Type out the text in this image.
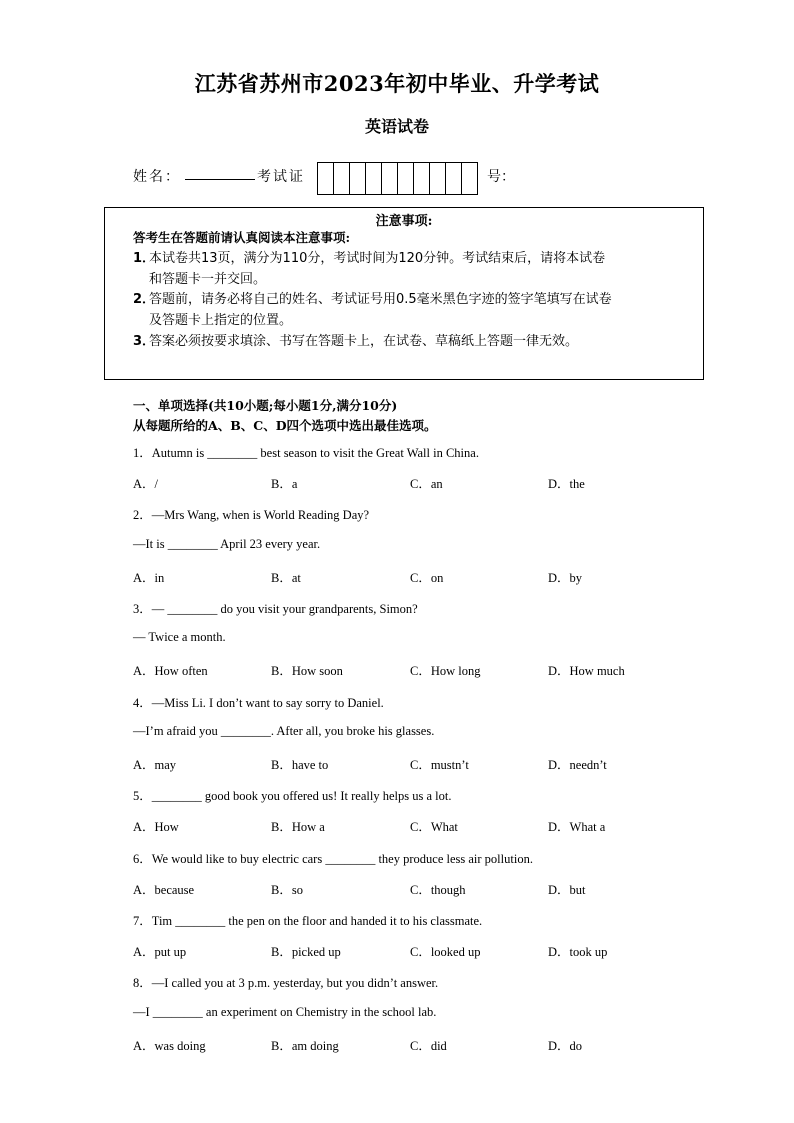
江苏省苏州市2023年初中毕业、升学考试
英语试卷
姓名：	考试证	号：
注意事项:
答考生在答题前请认真阅读本注意事项:
1．本试卷共13页，满分为110分，考试时间为120分钟。考试结束后，请将本试卷
和答题卡一并交回。
2．答题前，请务必将自己的姓名、考试证号用0.5毫米黑色字迹的签字笔填写在试卷
及答题卡上指定的位置。
3．答案必须按要求填涂、书写在答题卡上，在试卷、草稿纸上答题一律无效。
一、单项选择(共10小题;每小题1分,满分10分)
从每题所给的A、B、C、D四个选项中选出最佳选项。
1．Autumn is ________ best season to visit the Great Wall in China.
A．/	B．a	C．an	D．the
2．—Mrs Wang, when is World Reading Day?
—It is ________ April 23 every year.
A．in	B．at	C．on	D．by
3．— ________ do you visit your grandparents, Simon?
— Twice a month.
A．How often	B．How soon	C．How long	D．How much
4．—Miss Li. I don’t want to say sorry to Daniel.
—I’m afraid you ________. After all, you broke his glasses.
A．may	B．have to	C．mustn’t	D．needn’t
5．________ good book you offered us! It really helps us a lot.
A．How	B．How a	C．What	D．What a
6．We would like to buy electric cars ________ they produce less air pollution.
A．because	B．so	C．though	D．but
7．Tim ________ the pen on the floor and handed it to his classmate.
A．put up	B．picked up	C．looked up	D．took up
8．—I called you at 3 p.m. yesterday, but you didn’t answer.
—I ________ an experiment on Chemistry in the school lab.
A．was doing	B．am doing	C．did	D．do
